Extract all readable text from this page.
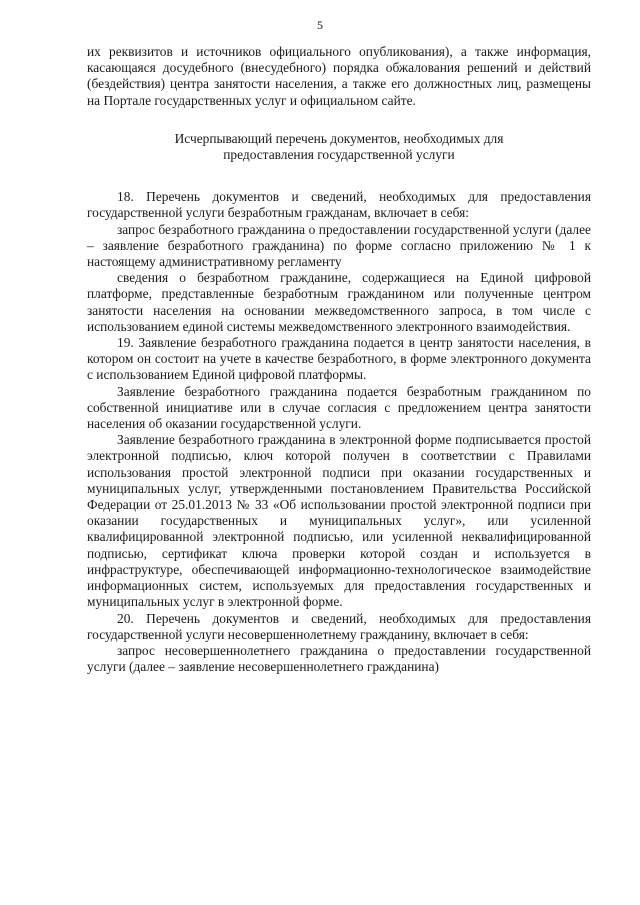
5

их реквизитов и источников официального опубликования), а также информация, касающаяся досудебного (внесудебного) порядка обжалования решений и действий (бездействия) центра занятости населения, а также его должностных лиц, размещены на Портале государственных услуг и официальном сайте.

Исчерпывающий перечень документов, необходимых для
предоставления государственной услуги

18. Перечень документов и сведений, необходимых для предоставления государственной услуги безработным гражданам, включает в себя:

запрос безработного гражданина о предоставлении государственной услуги (далее – заявление безработного гражданина) по форме согласно приложению № 1 к настоящему административному регламенту

сведения о безработном гражданине, содержащиеся на Единой цифровой платформе, представленные безработным гражданином или полученные центром занятости населения на основании межведомственного запроса, в том числе с использованием единой системы межведомственного электронного взаимодействия.

19. Заявление безработного гражданина подается в центр занятости населения, в котором он состоит на учете в качестве безработного, в форме электронного документа с использованием Единой цифровой платформы.

Заявление безработного гражданина подается безработным гражданином по собственной инициативе или в случае согласия с предложением центра занятости населения об оказании государственной услуги.

Заявление безработного гражданина в электронной форме подписывается простой электронной подписью, ключ которой получен в соответствии с Правилами использования простой электронной подписи при оказании государственных и муниципальных услуг, утвержденными постановлением Правительства Российской Федерации от 25.01.2013 № 33 «Об использовании простой электронной подписи при оказании государственных и муниципальных услуг», или усиленной квалифицированной электронной подписью, или усиленной неквалифицированной подписью, сертификат ключа проверки которой создан и используется в инфраструктуре, обеспечивающей информационно-технологическое взаимодействие информационных систем, используемых для предоставления государственных и муниципальных услуг в электронной форме.

20. Перечень документов и сведений, необходимых для предоставления государственной услуги несовершеннолетнему гражданину, включает в себя:

запрос несовершеннолетнего гражданина о предоставлении государственной услуги (далее – заявление несовершеннолетнего гражданина)
